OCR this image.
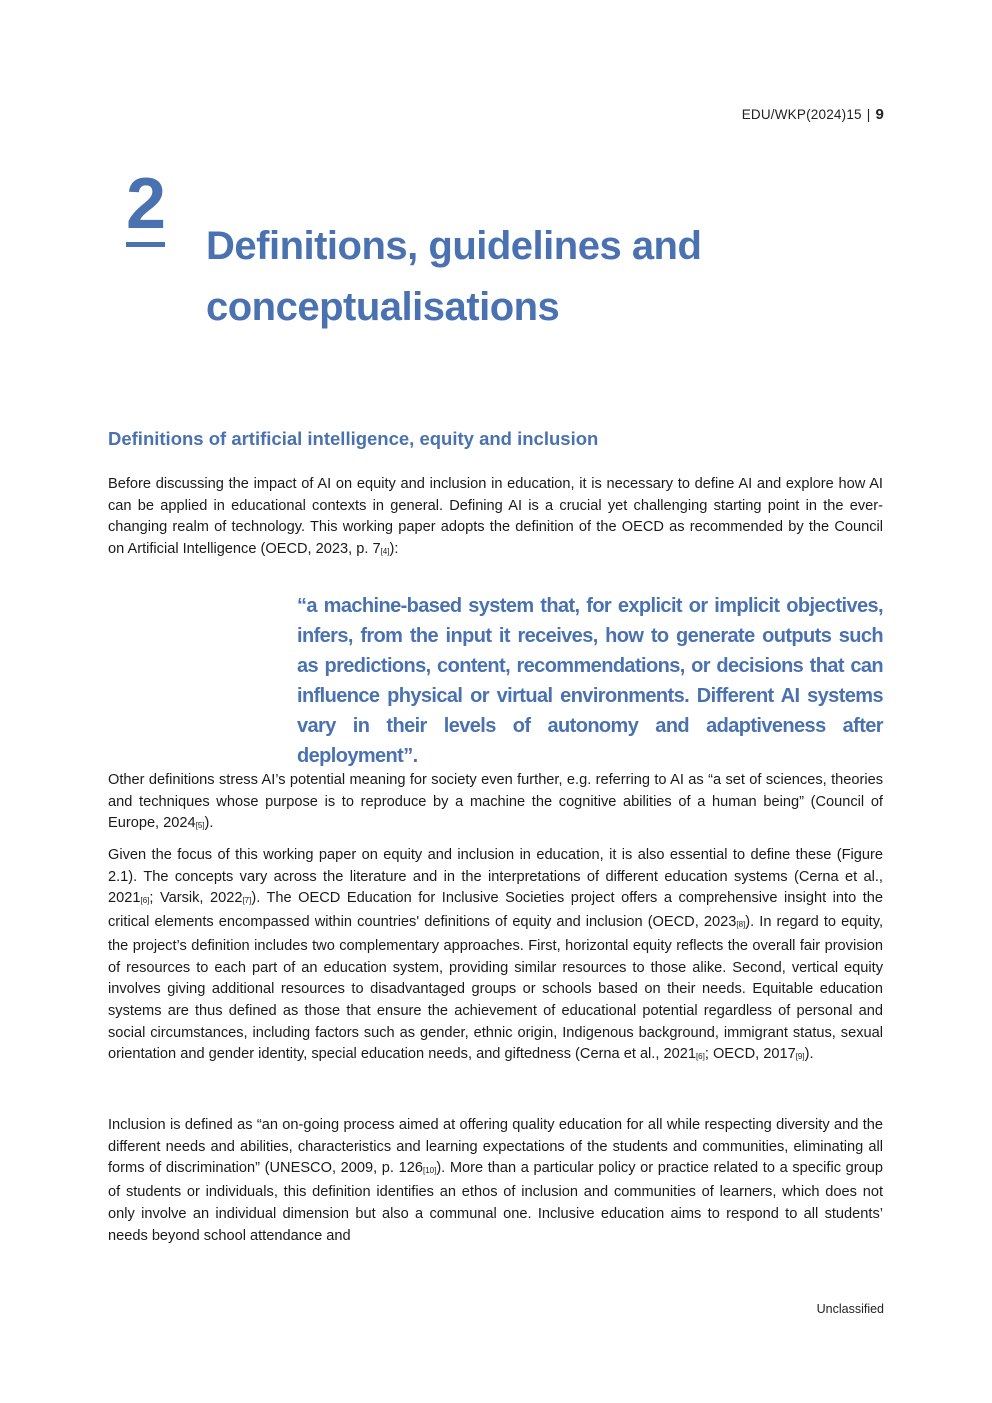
EDU/WKP(2024)15 | 9
2
Definitions, guidelines and conceptualisations
Definitions of artificial intelligence, equity and inclusion
Before discussing the impact of AI on equity and inclusion in education, it is necessary to define AI and explore how AI can be applied in educational contexts in general. Defining AI is a crucial yet challenging starting point in the ever-changing realm of technology. This working paper adopts the definition of the OECD as recommended by the Council on Artificial Intelligence (OECD, 2023, p. 7[4]):
“a machine-based system that, for explicit or implicit objectives, infers, from the input it receives, how to generate outputs such as predictions, content, recommendations, or decisions that can influence physical or virtual environments. Different AI systems vary in their levels of autonomy and adaptiveness after deployment”.
Other definitions stress AI’s potential meaning for society even further, e.g. referring to AI as “a set of sciences, theories and techniques whose purpose is to reproduce by a machine the cognitive abilities of a human being” (Council of Europe, 2024[5]).
Given the focus of this working paper on equity and inclusion in education, it is also essential to define these (Figure 2.1). The concepts vary across the literature and in the interpretations of different education systems (Cerna et al., 2021[6]; Varsik, 2022[7]). The OECD Education for Inclusive Societies project offers a comprehensive insight into the critical elements encompassed within countries' definitions of equity and inclusion (OECD, 2023[8]). In regard to equity, the project’s definition includes two complementary approaches. First, horizontal equity reflects the overall fair provision of resources to each part of an education system, providing similar resources to those alike. Second, vertical equity involves giving additional resources to disadvantaged groups or schools based on their needs. Equitable education systems are thus defined as those that ensure the achievement of educational potential regardless of personal and social circumstances, including factors such as gender, ethnic origin, Indigenous background, immigrant status, sexual orientation and gender identity, special education needs, and giftedness (Cerna et al., 2021[6]; OECD, 2017[9]).
Inclusion is defined as “an on-going process aimed at offering quality education for all while respecting diversity and the different needs and abilities, characteristics and learning expectations of the students and communities, eliminating all forms of discrimination” (UNESCO, 2009, p. 126[10]). More than a particular policy or practice related to a specific group of students or individuals, this definition identifies an ethos of inclusion and communities of learners, which does not only involve an individual dimension but also a communal one. Inclusive education aims to respond to all students’ needs beyond school attendance and
Unclassified
